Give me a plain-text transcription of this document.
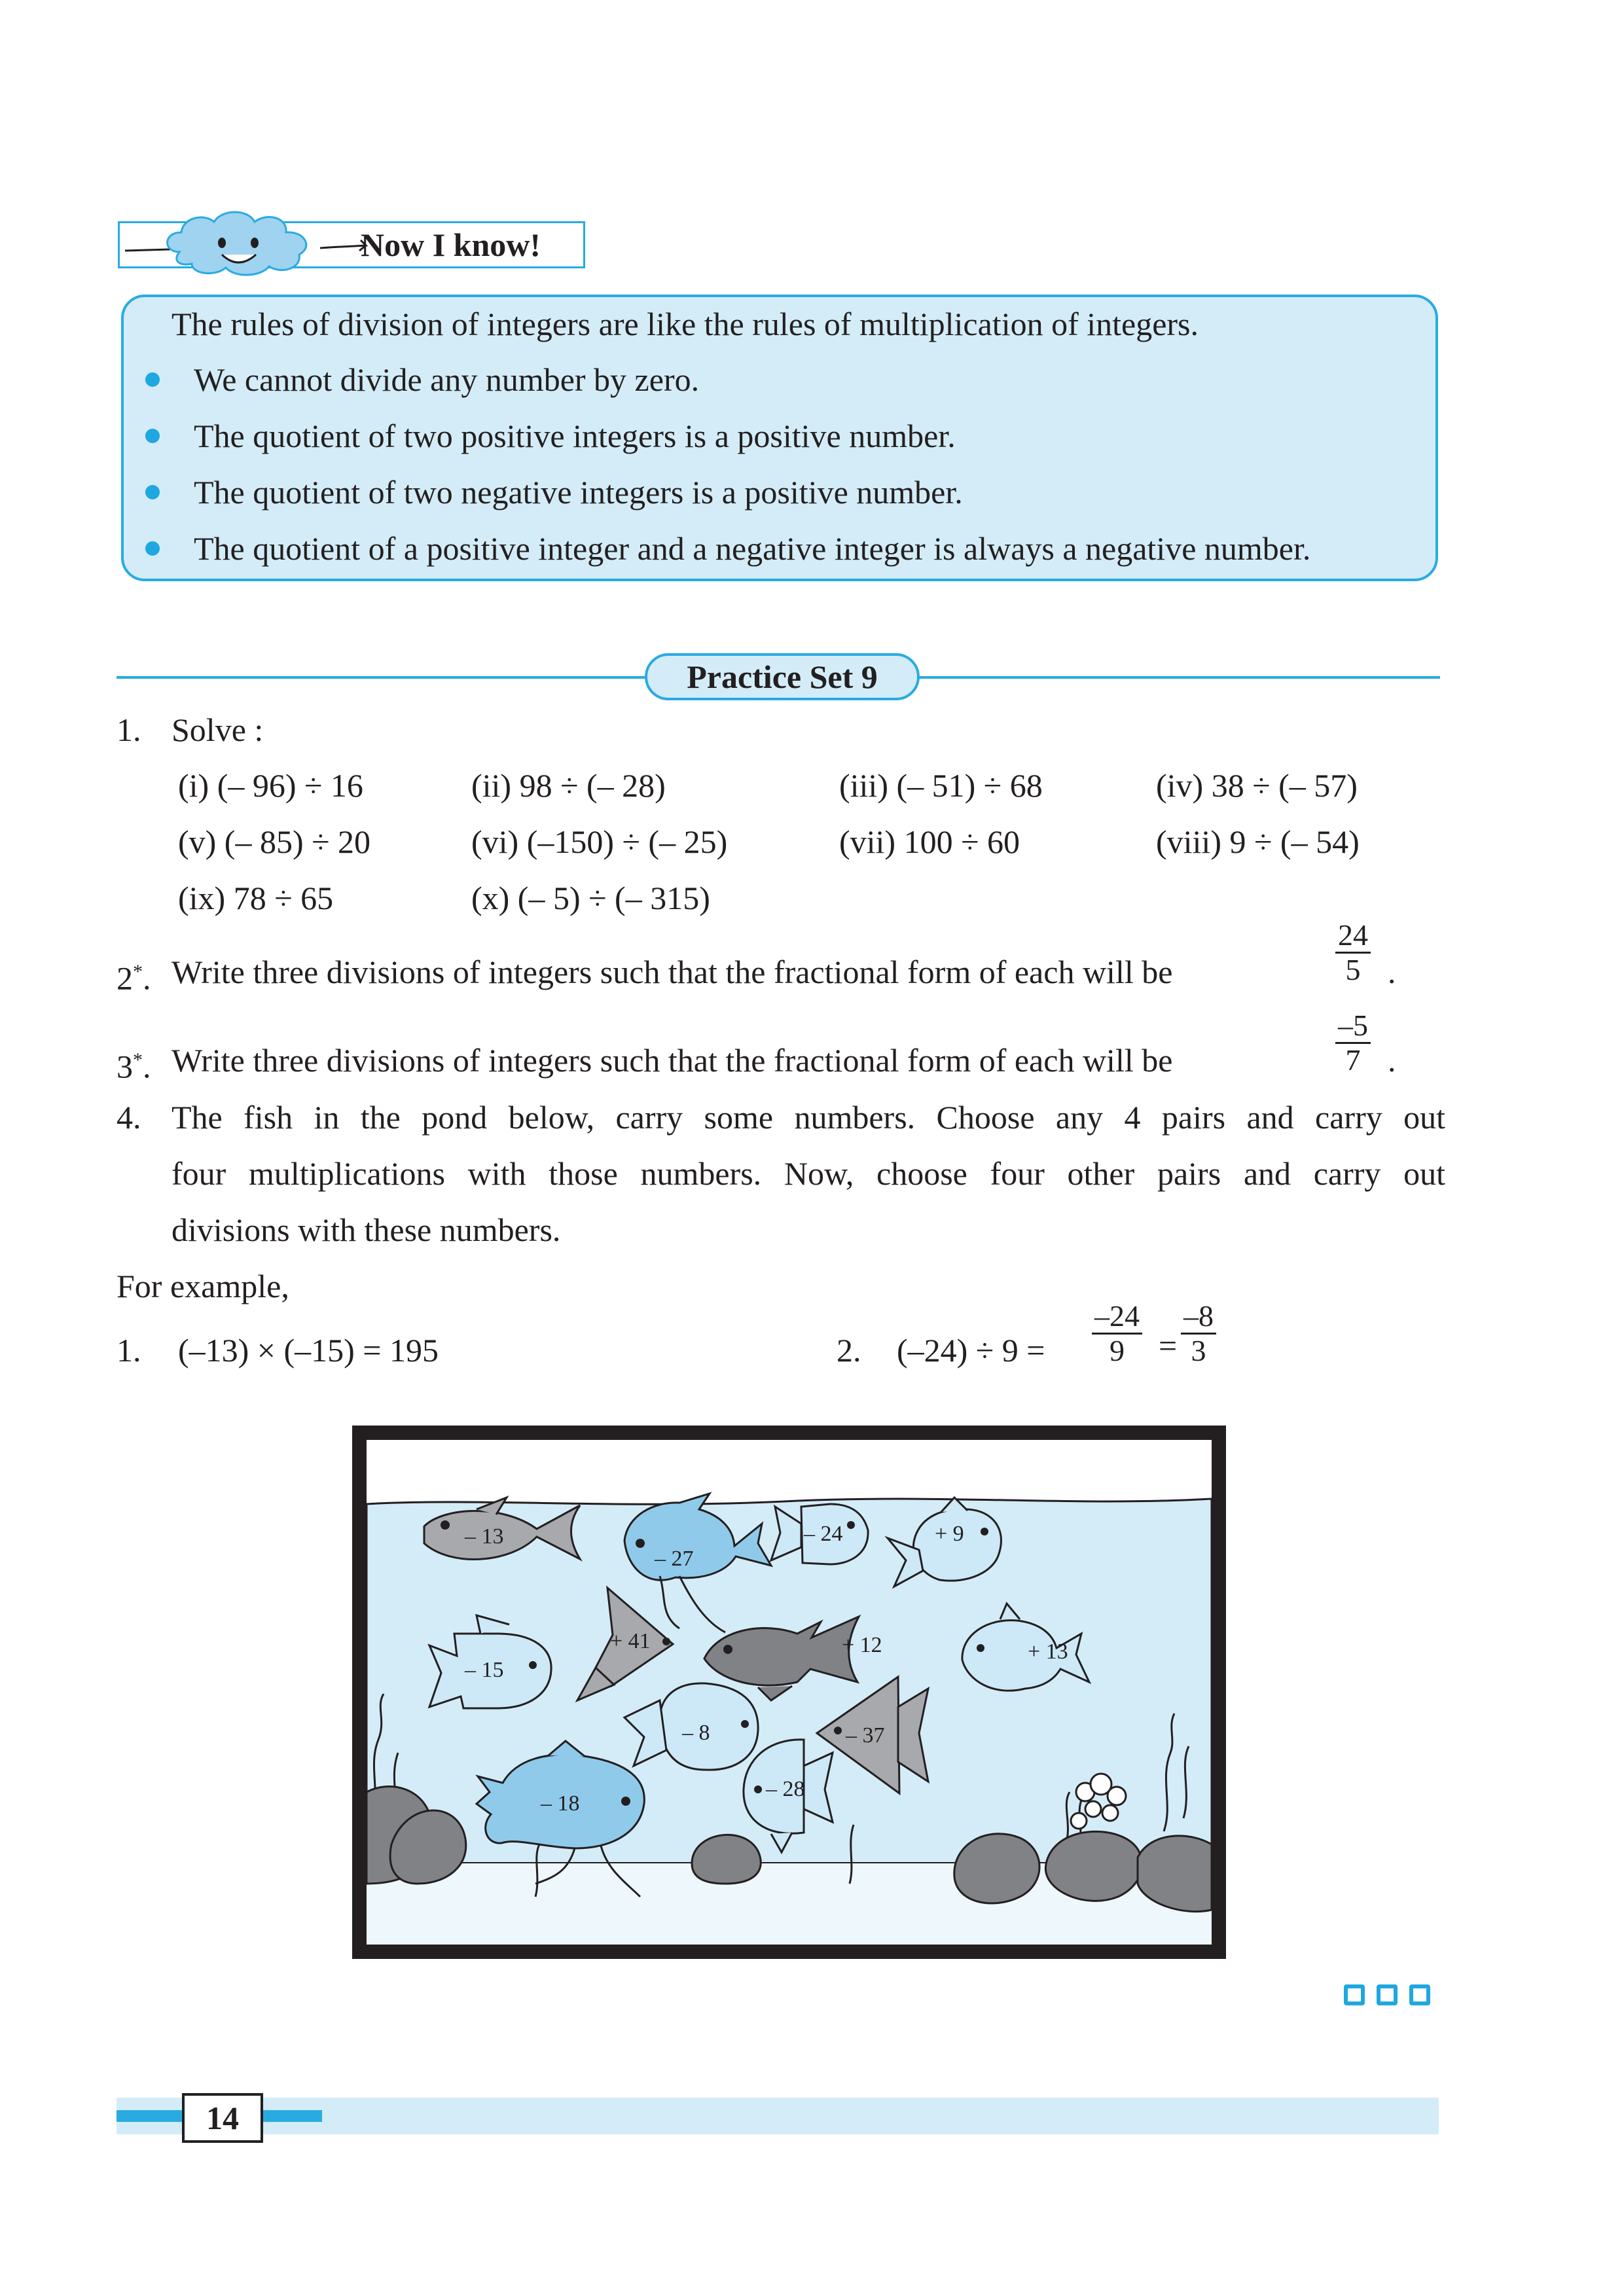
Now I know!
The rules of division of integers are like the rules of multiplication of integers.
We cannot divide any number by zero.
The quotient of two positive integers is a positive number.
The quotient of two negative integers is a positive number.
The quotient of a positive integer and a negative integer is always a negative number.
Practice Set 9
1. Solve :
(i) (– 96) ÷ 16	(ii) 98 ÷ (– 28)	(iii) (– 51) ÷ 68	(iv) 38 ÷ (– 57)
(v) (– 85) ÷ 20	(vi) (–150) ÷ (– 25)	(vii) 100 ÷ 60	(viii) 9 ÷ (– 54)
(ix) 78 ÷ 65	(x) (– 5) ÷ (– 315)
2*. Write three divisions of integers such that the fractional form of each will be	$\frac{24}{5}$ .
3*. Write three divisions of integers such that the fractional form of each will be	$\frac{-5}{7}$ .
4. The fish in the pond below, carry some numbers. Choose any 4 pairs and carry out
four multiplications with those numbers. Now, choose four other pairs and carry out
divisions with these numbers.
For example,
1. (–13) × (–15) = 195	2. $(-24) \div 9 = \frac{-24}{9} = \frac{-8}{3}$
– 13
– 27
– 24	+ 9
+ 41	+ 12	+ 13
– 15
– 8	– 37
– 18
– 28
14
